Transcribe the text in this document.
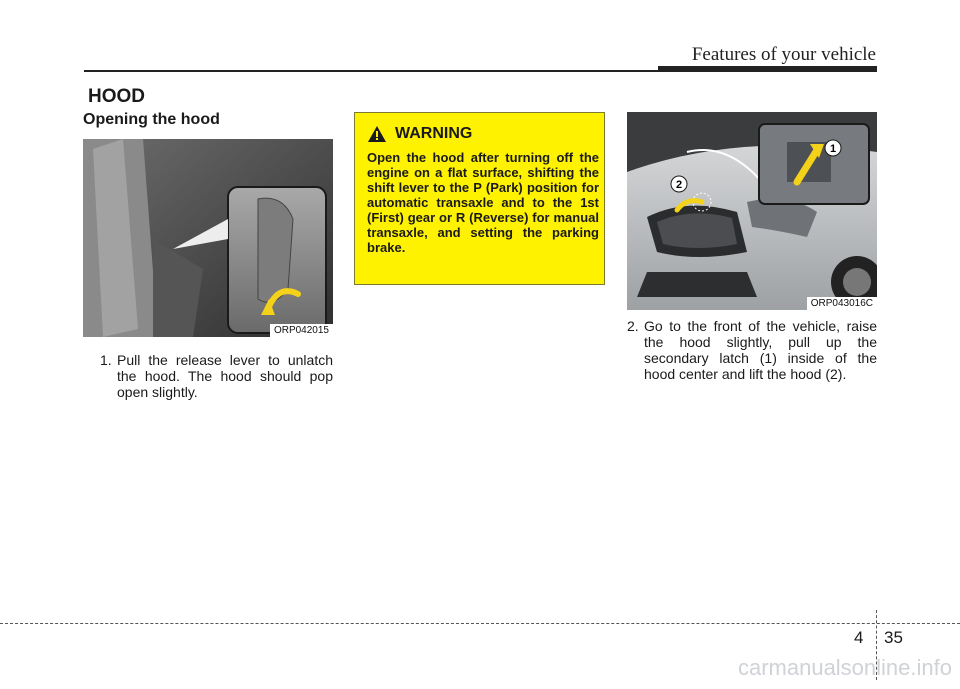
Features of your vehicle
HOOD
Opening the hood
ORP042015
1. Pull the release lever to unlatch the hood. The hood should pop open slightly.
WARNING
Open the hood after turning off the engine on a flat surface, shifting the shift lever to the P (Park) position for automatic transaxle and to the 1st (First) gear or R (Reverse) for manual transaxle, and setting the parking brake.
1
2
ORP043016C
2. Go to the front of the vehicle, raise the hood slightly, pull up the secondary latch (1) inside of the hood center and lift the hood (2).
4 35
carmanualsonline.info
